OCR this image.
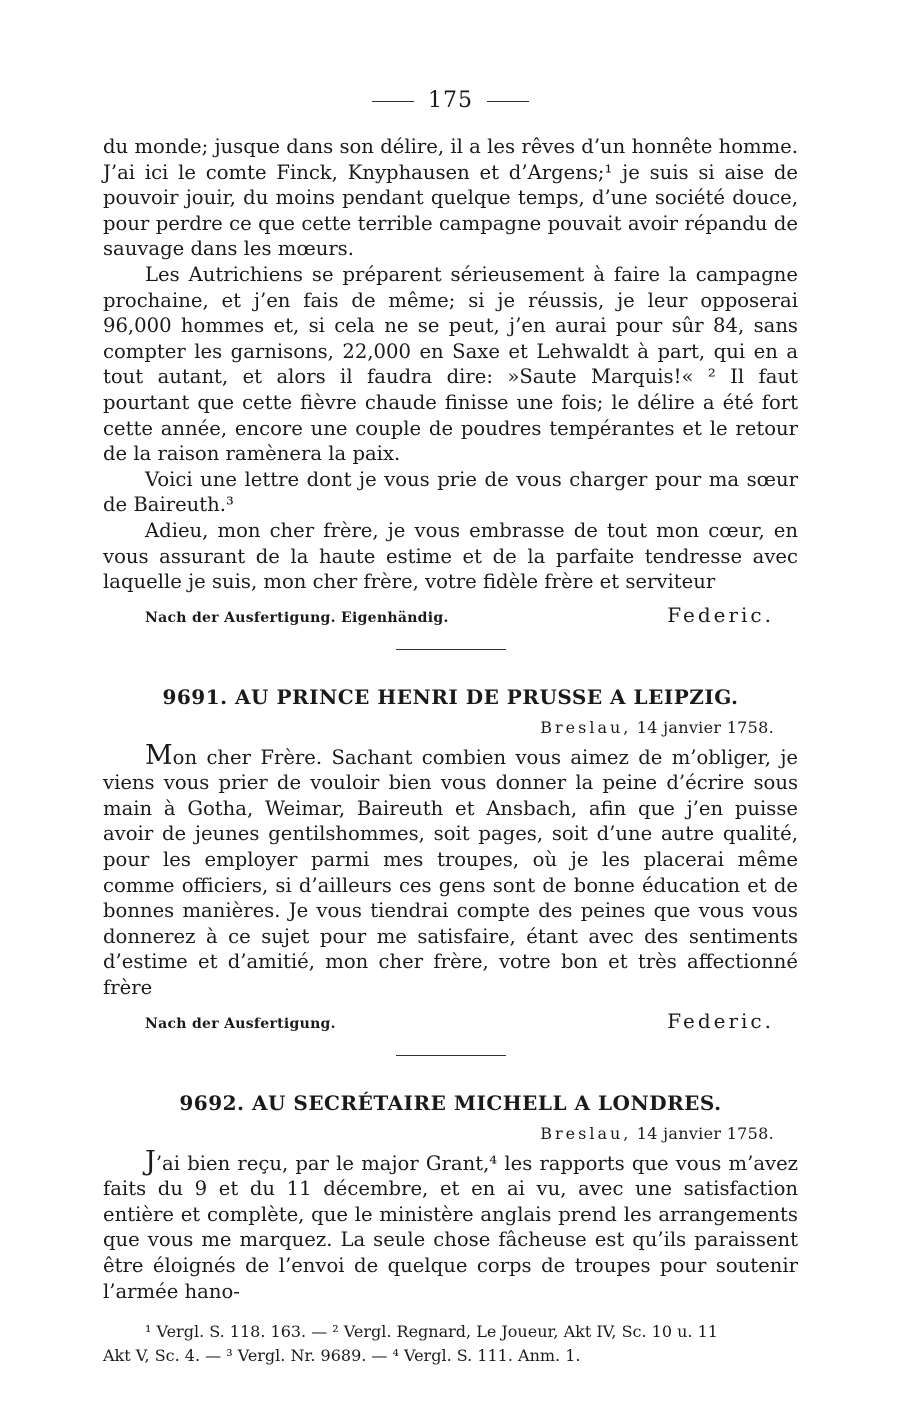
175

du monde; jusque dans son délire, il a les rêves d’un honnête homme. J’ai ici le comte Finck, Knyphausen et d’Argens;¹ je suis si aise de pouvoir jouir, du moins pendant quelque temps, d’une société douce, pour perdre ce que cette terrible campagne pouvait avoir répandu de sauvage dans les mœurs.

Les Autrichiens se préparent sérieusement à faire la campagne prochaine, et j’en fais de même; si je réussis, je leur opposerai 96,000 hommes et, si cela ne se peut, j’en aurai pour sûr 84, sans compter les garnisons, 22,000 en Saxe et Lehwaldt à part, qui en a tout autant, et alors il faudra dire: »Saute Marquis!« ² Il faut pourtant que cette fièvre chaude finisse une fois; le délire a été fort cette année, encore une couple de poudres tempérantes et le retour de la raison ramènera la paix.

Voici une lettre dont je vous prie de vous charger pour ma sœur de Baireuth.³

Adieu, mon cher frère, je vous embrasse de tout mon cœur, en vous assurant de la haute estime et de la parfaite tendresse avec laquelle je suis, mon cher frère, votre fidèle frère et serviteur

Nach der Ausfertigung. Eigenhändig.	Federic.
9691. AU PRINCE HENRI DE PRUSSE A LEIPZIG.
Breslau, 14 janvier 1758.

Mon cher Frère. Sachant combien vous aimez de m’obliger, je viens vous prier de vouloir bien vous donner la peine d’écrire sous main à Gotha, Weimar, Baireuth et Ansbach, afin que j’en puisse avoir de jeunes gentilshommes, soit pages, soit d’une autre qualité, pour les employer parmi mes troupes, où je les placerai même comme officiers, si d’ailleurs ces gens sont de bonne éducation et de bonnes manières. Je vous tiendrai compte des peines que vous vous donnerez à ce sujet pour me satisfaire, étant avec des sentiments d’estime et d’amitié, mon cher frère, votre bon et très affectionné frère

Nach der Ausfertigung.	Federic.
9692. AU SECRÉTAIRE MICHELL A LONDRES.
Breslau, 14 janvier 1758.

J’ai bien reçu, par le major Grant,⁴ les rapports que vous m’avez faits du 9 et du 11 décembre, et en ai vu, avec une satisfaction entière et complète, que le ministère anglais prend les arrangements que vous me marquez. La seule chose fâcheuse est qu’ils paraissent être éloignés de l’envoi de quelque corps de troupes pour soutenir l’armée hano-

¹ Vergl. S. 118. 163. — ² Vergl. Regnard, Le Joueur, Akt IV, Sc. 10 u. 11
Akt V, Sc. 4. — ³ Vergl. Nr. 9689. — ⁴ Vergl. S. 111. Anm. 1.
